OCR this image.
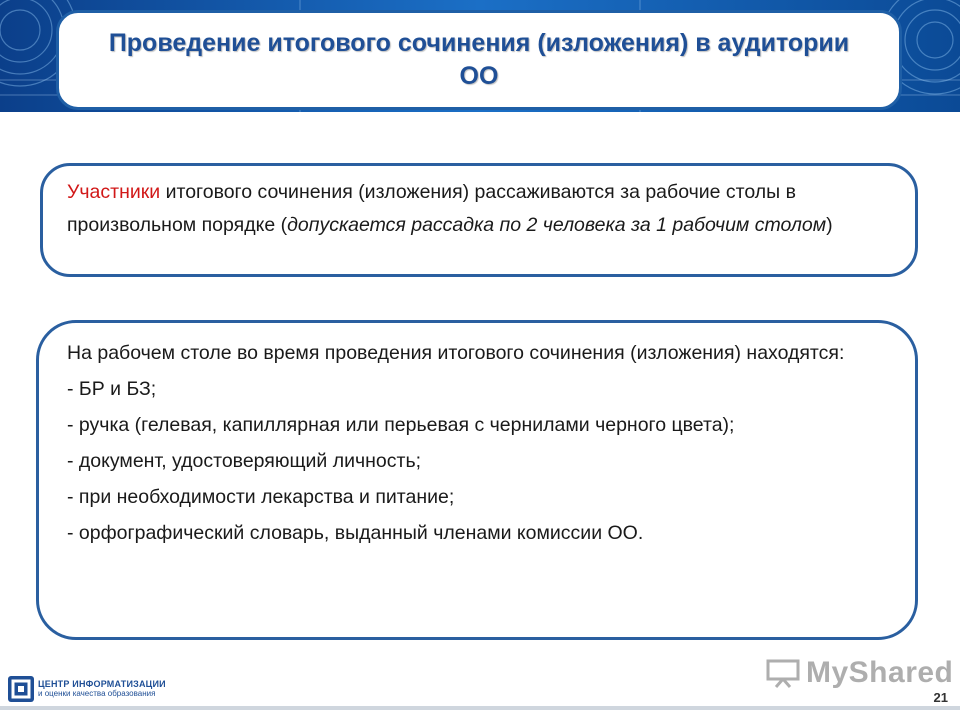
Проведение итогового сочинения (изложения) в аудитории ОО
Участники итогового сочинения (изложения) рассаживаются за рабочие столы в произвольном порядке (допускается рассадка по 2 человека за 1 рабочим столом)
На рабочем столе во время проведения итогового сочинения (изложения) находятся:
- БР и БЗ;
- ручка (гелевая, капиллярная или перьевая с чернилами черного цвета);
- документ, удостоверяющий личность;
- при необходимости лекарства и питание;
- орфографический словарь, выданный членами комиссии ОО.
MyShared
ЦЕНТР ИНФОРМАТИЗАЦИИ
и оценки качества образования	21
